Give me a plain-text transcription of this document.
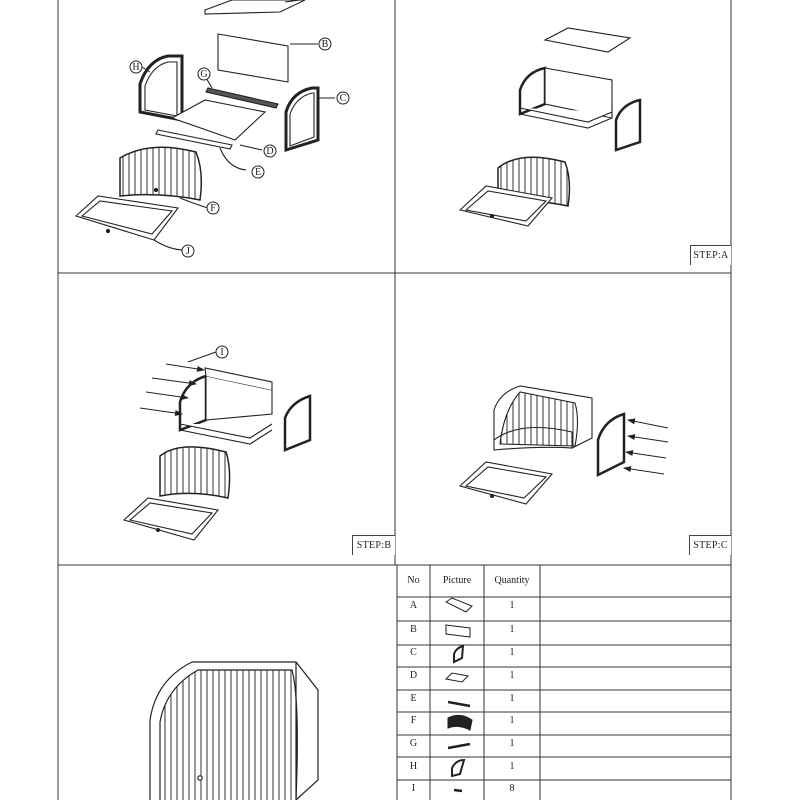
B
C
G
H
D
E
F
J
I
STEP:A
STEP:B	STEP:C
No	Picture	Quantity
A	1
B	1
C	1
D	1
E	1
F	1
G	1
H	1
I	8
